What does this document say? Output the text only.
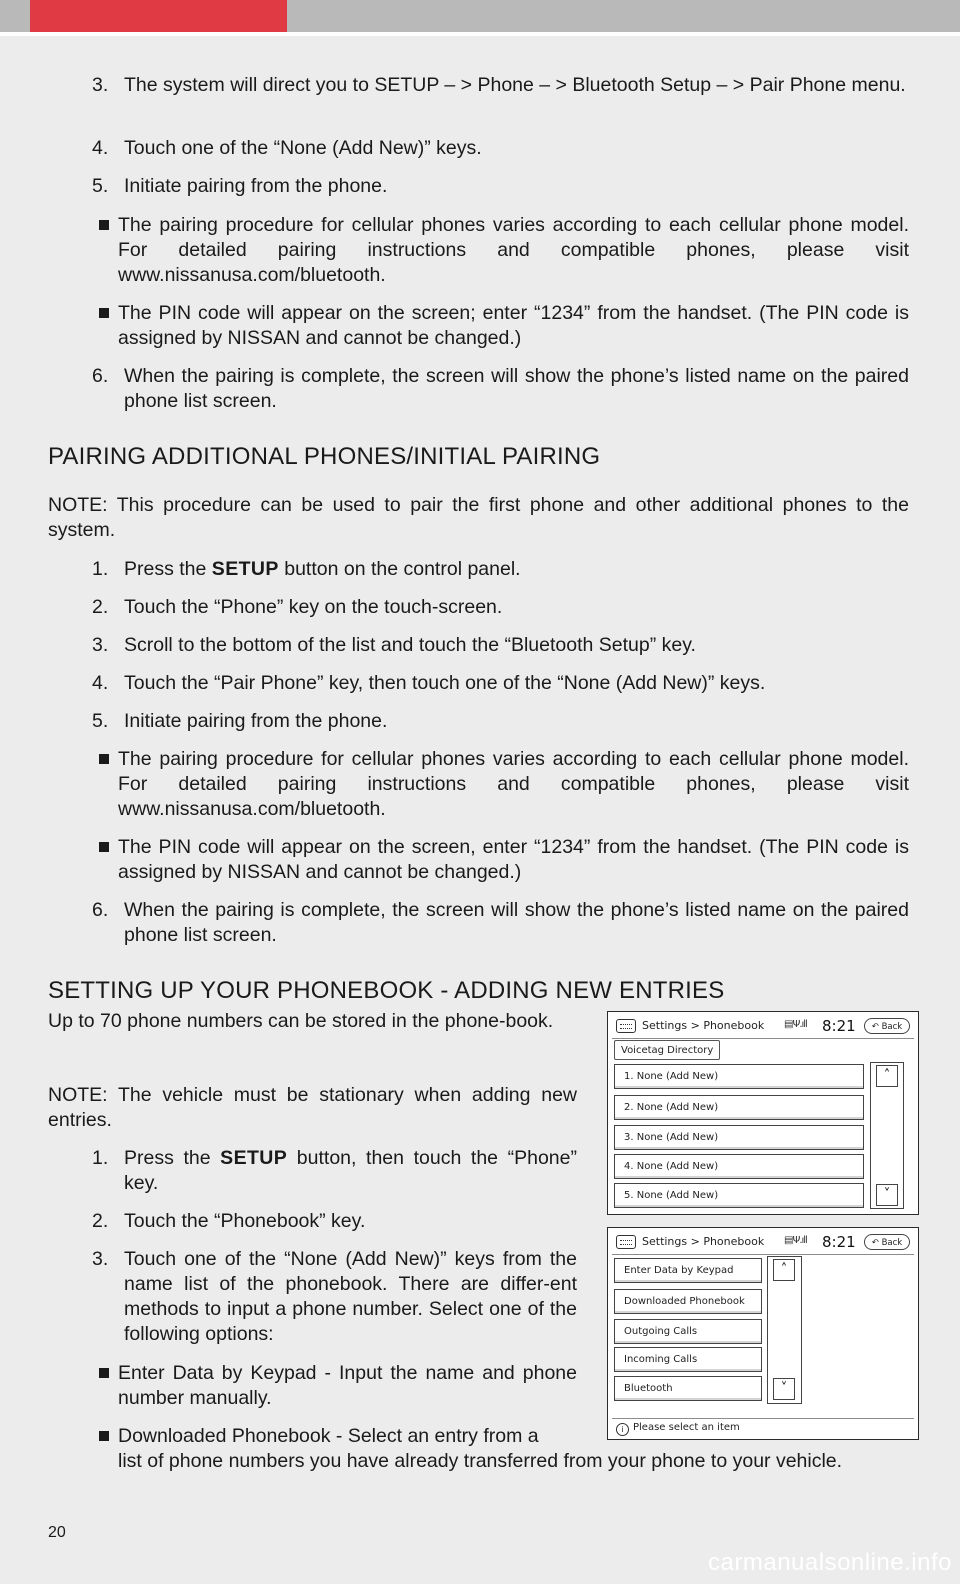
3. The system will direct you to SETUP – > Phone – > Bluetooth Setup – > Pair Phone menu.
4. Touch one of the “None (Add New)” keys.
5. Initiate pairing from the phone.
The pairing procedure for cellular phones varies according to each cellular phone model. For detailed pairing instructions and compatible phones, please visit www.nissanusa.com/bluetooth.
The PIN code will appear on the screen; enter “1234” from the handset. (The PIN code is assigned by NISSAN and cannot be changed.)
6. When the pairing is complete, the screen will show the phone’s listed name on the paired phone list screen.
PAIRING ADDITIONAL PHONES/INITIAL PAIRING
NOTE: This procedure can be used to pair the first phone and other additional phones to the system.
1. Press the SETUP button on the control panel.
2. Touch the “Phone” key on the touch-screen.
3. Scroll to the bottom of the list and touch the “Bluetooth Setup” key.
4. Touch the “Pair Phone” key, then touch one of the “None (Add New)” keys.
5. Initiate pairing from the phone.
The pairing procedure for cellular phones varies according to each cellular phone model. For detailed pairing instructions and compatible phones, please visit www.nissanusa.com/bluetooth.
The PIN code will appear on the screen, enter “1234” from the handset. (The PIN code is assigned by NISSAN and cannot be changed.)
6. When the pairing is complete, the screen will show the phone’s listed name on the paired phone list screen.
SETTING UP YOUR PHONEBOOK - ADDING NEW ENTRIES
Up to 70 phone numbers can be stored in the phone-book.
NOTE: The vehicle must be stationary when adding new entries.
1. Press the SETUP button, then touch the “Phone” key.
2. Touch the “Phonebook” key.
3. Touch one of the “None (Add New)” keys from the name list of the phonebook. There are differ-ent methods to input a phone number. Select one of the following options:
Enter Data by Keypad - Input the name and phone number manually.
Downloaded Phonebook - Select an entry from a
list of phone numbers you have already transferred from your phone to your vehicle.
Settings > Phonebook ▤Ψ.ıll 8:21	↶ Back
Voicetag Directory
1. None (Add New)
2. None (Add New)
3. None (Add New)
4. None (Add New)
5. None (Add New)
˄
˅
Settings > Phonebook ▤Ψ.ıll 8:21	↶ Back
Enter Data by Keypad
Downloaded Phonebook
Outgoing Calls
Incoming Calls
Bluetooth
˄
˅
i Please select an item
20
carmanualsonline.info
